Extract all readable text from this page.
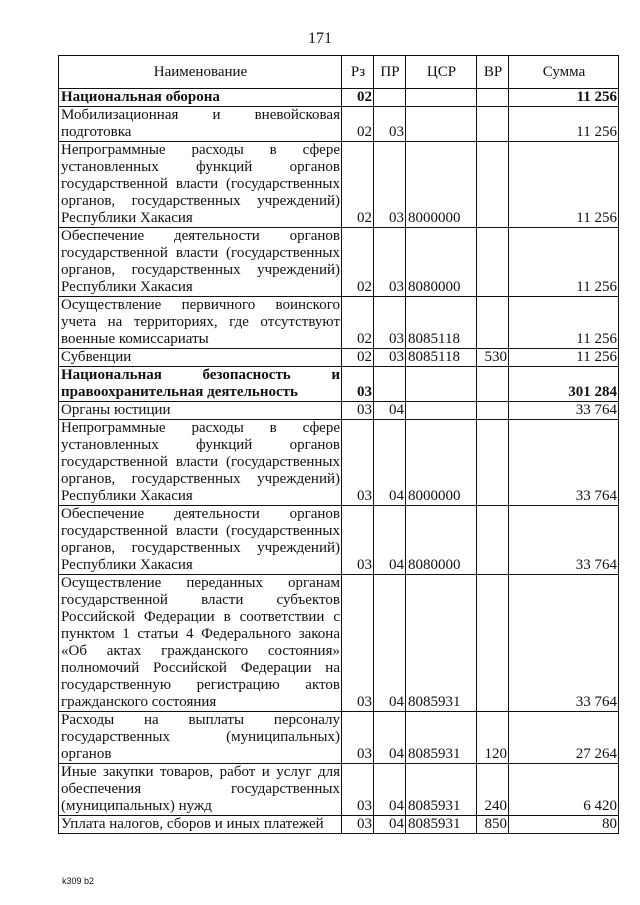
171
Наименование	Рз	ПР	ЦСР	ВР	Сумма
Национальная оборона	02				11 256
Мобилизационная и вневойсковая подготовка	02	03			11 256
Непрограммные расходы в сфере установленных функций органов государственной власти (государственных органов, государственных учреждений) Республики Хакасия	02	03	8000000		11 256
Обеспечение деятельности органов государственной власти (государственных органов, государственных учреждений) Республики Хакасия	02	03	8080000		11 256
Осуществление первичного воинского учета на территориях, где отсутствуют военные комиссариаты	02	03	8085118		11 256
Субвенции	02	03	8085118	530	11 256
Национальная безопасность и правоохранительная деятельность	03				301 284
Органы юстиции	03	04			33 764
Непрограммные расходы в сфере установленных функций органов государственной власти (государственных органов, государственных учреждений) Республики Хакасия	03	04	8000000		33 764
Обеспечение деятельности органов государственной власти (государственных органов, государственных учреждений) Республики Хакасия	03	04	8080000		33 764
Осуществление переданных органам государственной власти субъектов Российской Федерации в соответствии с пунктом 1 статьи 4 Федерального закона «Об актах гражданского состояния» полномочий Российской Федерации на государственную регистрацию актов гражданского состояния	03	04	8085931		33 764
Расходы на выплаты персоналу государственных (муниципальных) органов	03	04	8085931	120	27 264
Иные закупки товаров, работ и услуг для обеспечения государственных (муниципальных) нужд	03	04	8085931	240	6 420
Уплата налогов, сборов и иных платежей	03	04	8085931	850	80
k309 b2
